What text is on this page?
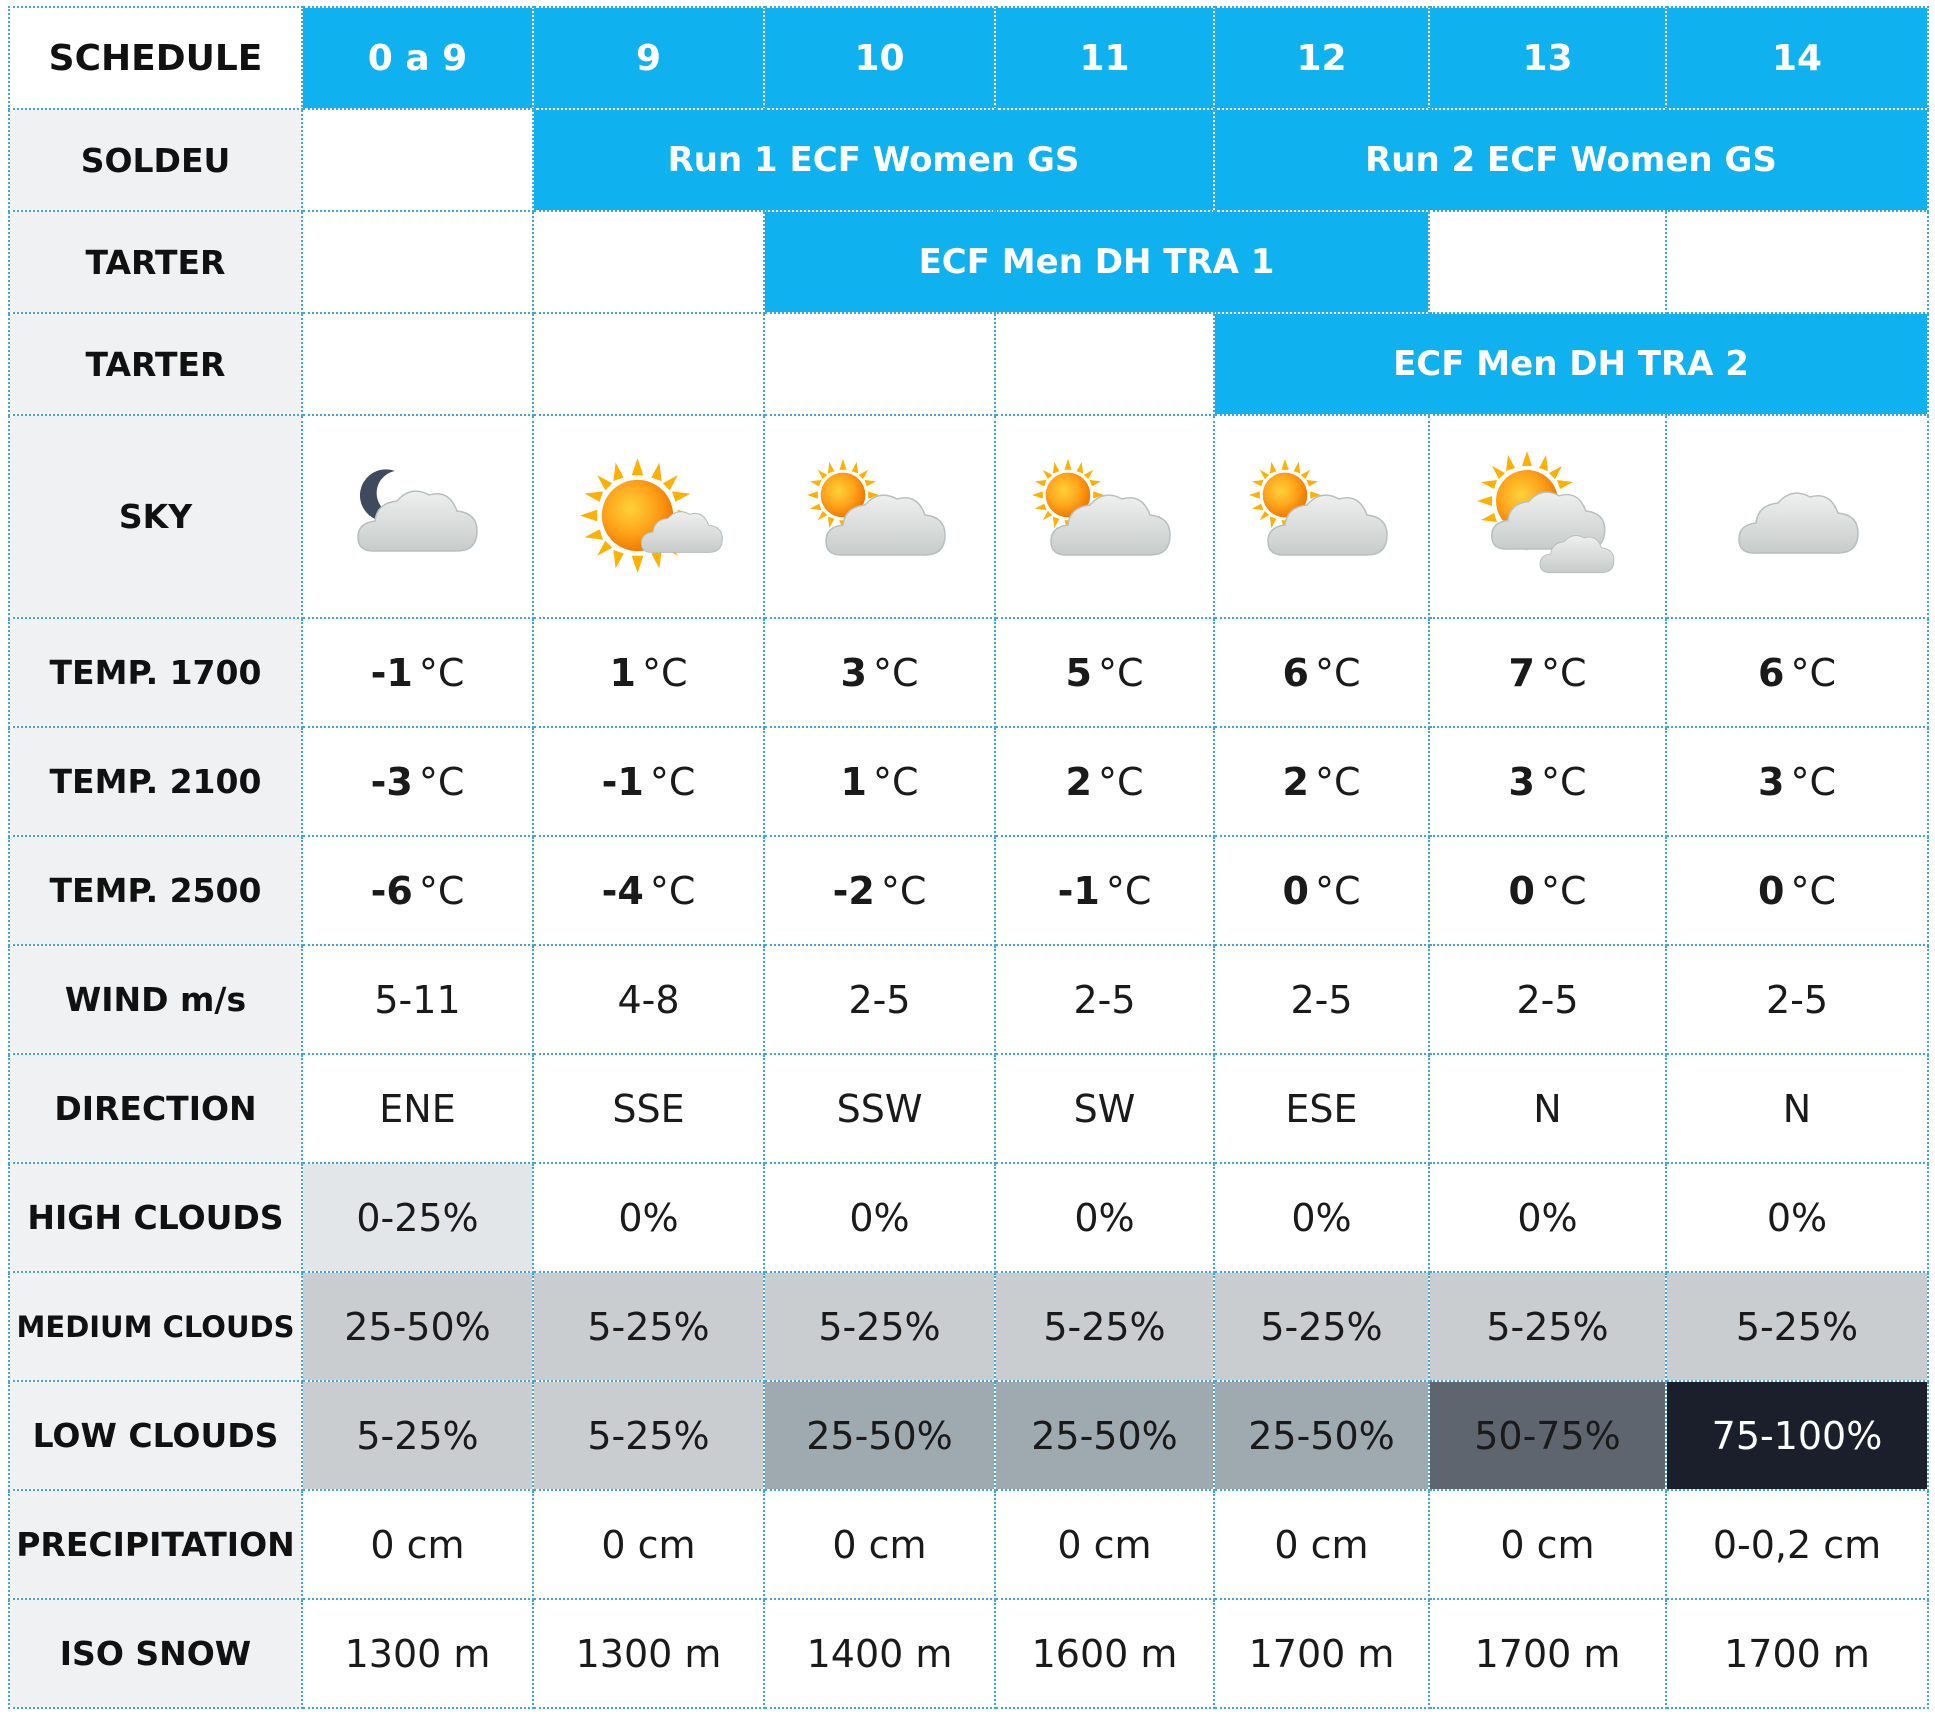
SCHEDULE	0 a 9	9	10	11	12	13	14
SOLDEU		Run 1 ECF Women GS			Run 2 ECF Women GS		
TARTER			ECF Men DH TRA 1				
TARTER					ECF Men DH TRA 2		
SKY	

TEMP. 1700	-1 °C	1 °C	3 °C	5 °C	6 °C	7 °C	6 °C
TEMP. 2100	-3 °C	-1 °C	1 °C	2 °C	2 °C	3 °C	3 °C
TEMP. 2500	-6 °C	-4 °C	-2 °C	-1 °C	0 °C	0 °C	0 °C
WIND m/s	5-11	4-8	2-5	2-5	2-5	2-5	2-5
DIRECTION	ENE	SSE	SSW	SW	ESE	N	N
HIGH CLOUDS	0-25%	0%	0%	0%	0%	0%	0%
MEDIUM CLOUDS	25-50%	5-25%	5-25%	5-25%	5-25%	5-25%	5-25%
LOW CLOUDS	5-25%	5-25%	25-50%	25-50%	25-50%	50-75%	75-100%
PRECIPITATION	0 cm	0 cm	0 cm	0 cm	0 cm	0 cm	0-0,2 cm
ISO SNOW	1300 m	1300 m	1400 m	1600 m	1700 m	1700 m	1700 m
